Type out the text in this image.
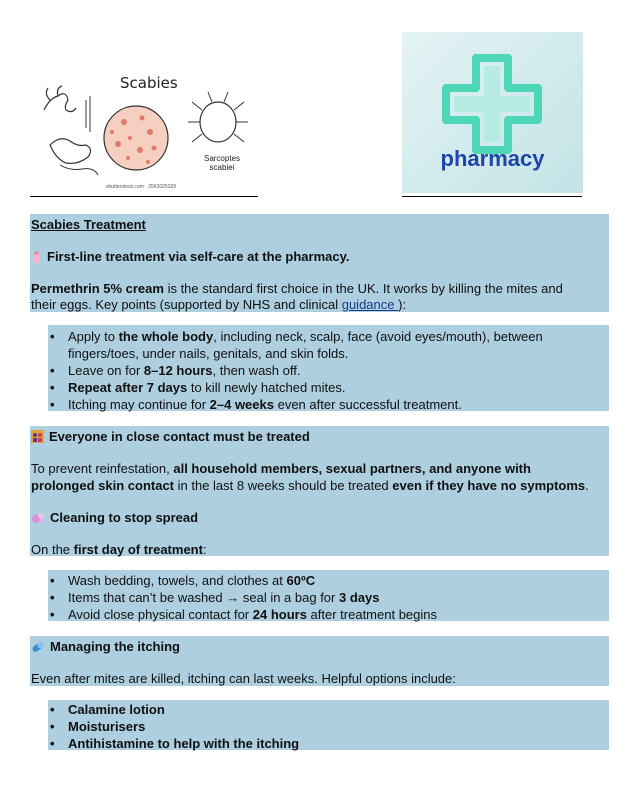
Scabies
Sarcoptes scabiei
shutterstock.com · 2562025329
pharmacy
Scabies Treatment
First-line treatment via self-care at the pharmacy.
Permethrin 5% cream is the standard first choice in the UK. It works by killing the mites and
their eggs. Key points (supported by NHS and clinical guidance ):
• Apply to the whole body, including neck, scalp, face (avoid eyes/mouth), between
fingers/toes, under nails, genitals, and skin folds.
• Leave on for 8–12 hours, then wash off.
• Repeat after 7 days to kill newly hatched mites.
• Itching may continue for 2–4 weeks even after successful treatment.
Everyone in close contact must be treated
To prevent reinfestation, all household members, sexual partners, and anyone with
prolonged skin contact in the last 8 weeks should be treated even if they have no symptoms.
Cleaning to stop spread
On the first day of treatment:
• Wash bedding, towels, and clothes at 60ºC
• Items that can’t be washed → seal in a bag for 3 days
• Avoid close physical contact for 24 hours after treatment begins
Managing the itching
Even after mites are killed, itching can last weeks. Helpful options include:
• Calamine lotion
• Moisturisers
• Antihistamine to help with the itching
